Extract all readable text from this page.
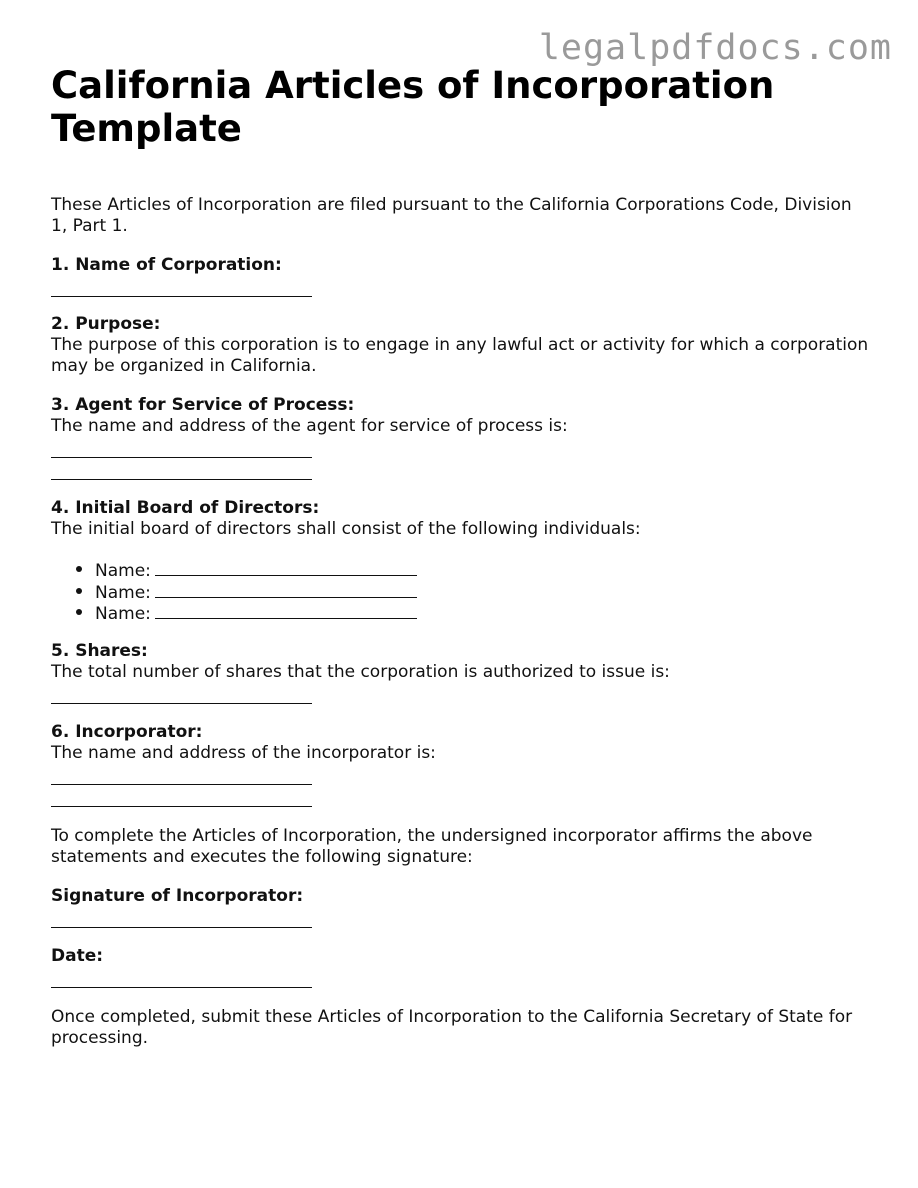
legalpdfdocs.com
California Articles of Incorporation Template
These Articles of Incorporation are filed pursuant to the California Corporations Code, Division 1, Part 1.
1. Name of Corporation:
2. Purpose:
The purpose of this corporation is to engage in any lawful act or activity for which a corporation may be organized in California.
3. Agent for Service of Process:
The name and address of the agent for service of process is:
4. Initial Board of Directors:
The initial board of directors shall consist of the following individuals:
Name:
Name:
Name:
5. Shares:
The total number of shares that the corporation is authorized to issue is:
6. Incorporator:
The name and address of the incorporator is:
To complete the Articles of Incorporation, the undersigned incorporator affirms the above statements and executes the following signature:
Signature of Incorporator:
Date:
Once completed, submit these Articles of Incorporation to the California Secretary of State for processing.
